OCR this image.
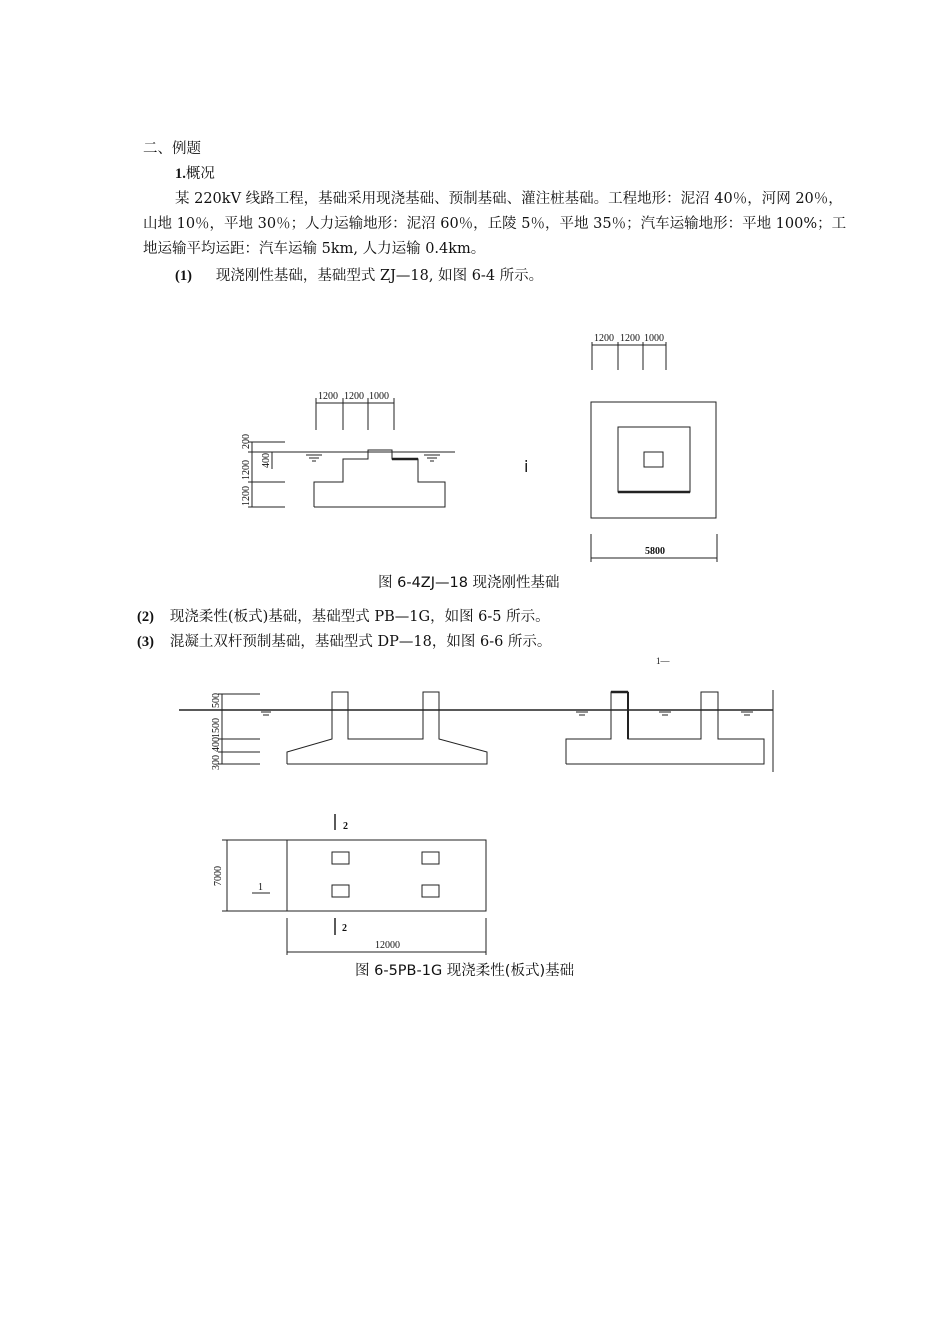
二、例题
1.概况
某 220kV 线路工程，基础采用现浇基础、预制基础、灌注桩基础。工程地形：泥沼 40％，河网 20％，山地 10％，平地 30％；人力运输地形：泥沼 60％，丘陵 5％，平地 35％；汽车运输地形：平地 100%；工地运输平均运距：汽车运输 5km, 人力运输 0.4km。
(1) 现浇刚性基础，基础型式 ZJ—18, 如图 6-4 所示。
图 6-4ZJ—18 现浇刚性基础
(2) 现浇柔性(板式)基础，基础型式 PB—1G，如图 6-5 所示。
(3) 混凝土双杆预制基础，基础型式 DP—18，如图 6-6 所示。
图 6-5PB-1G 现浇柔性(板式)基础
1200 1200 1000
200
1200 400
1200
i
1200 1200 1000
5800
500
1500
400
300
1—
2
2
1
7000
12000
